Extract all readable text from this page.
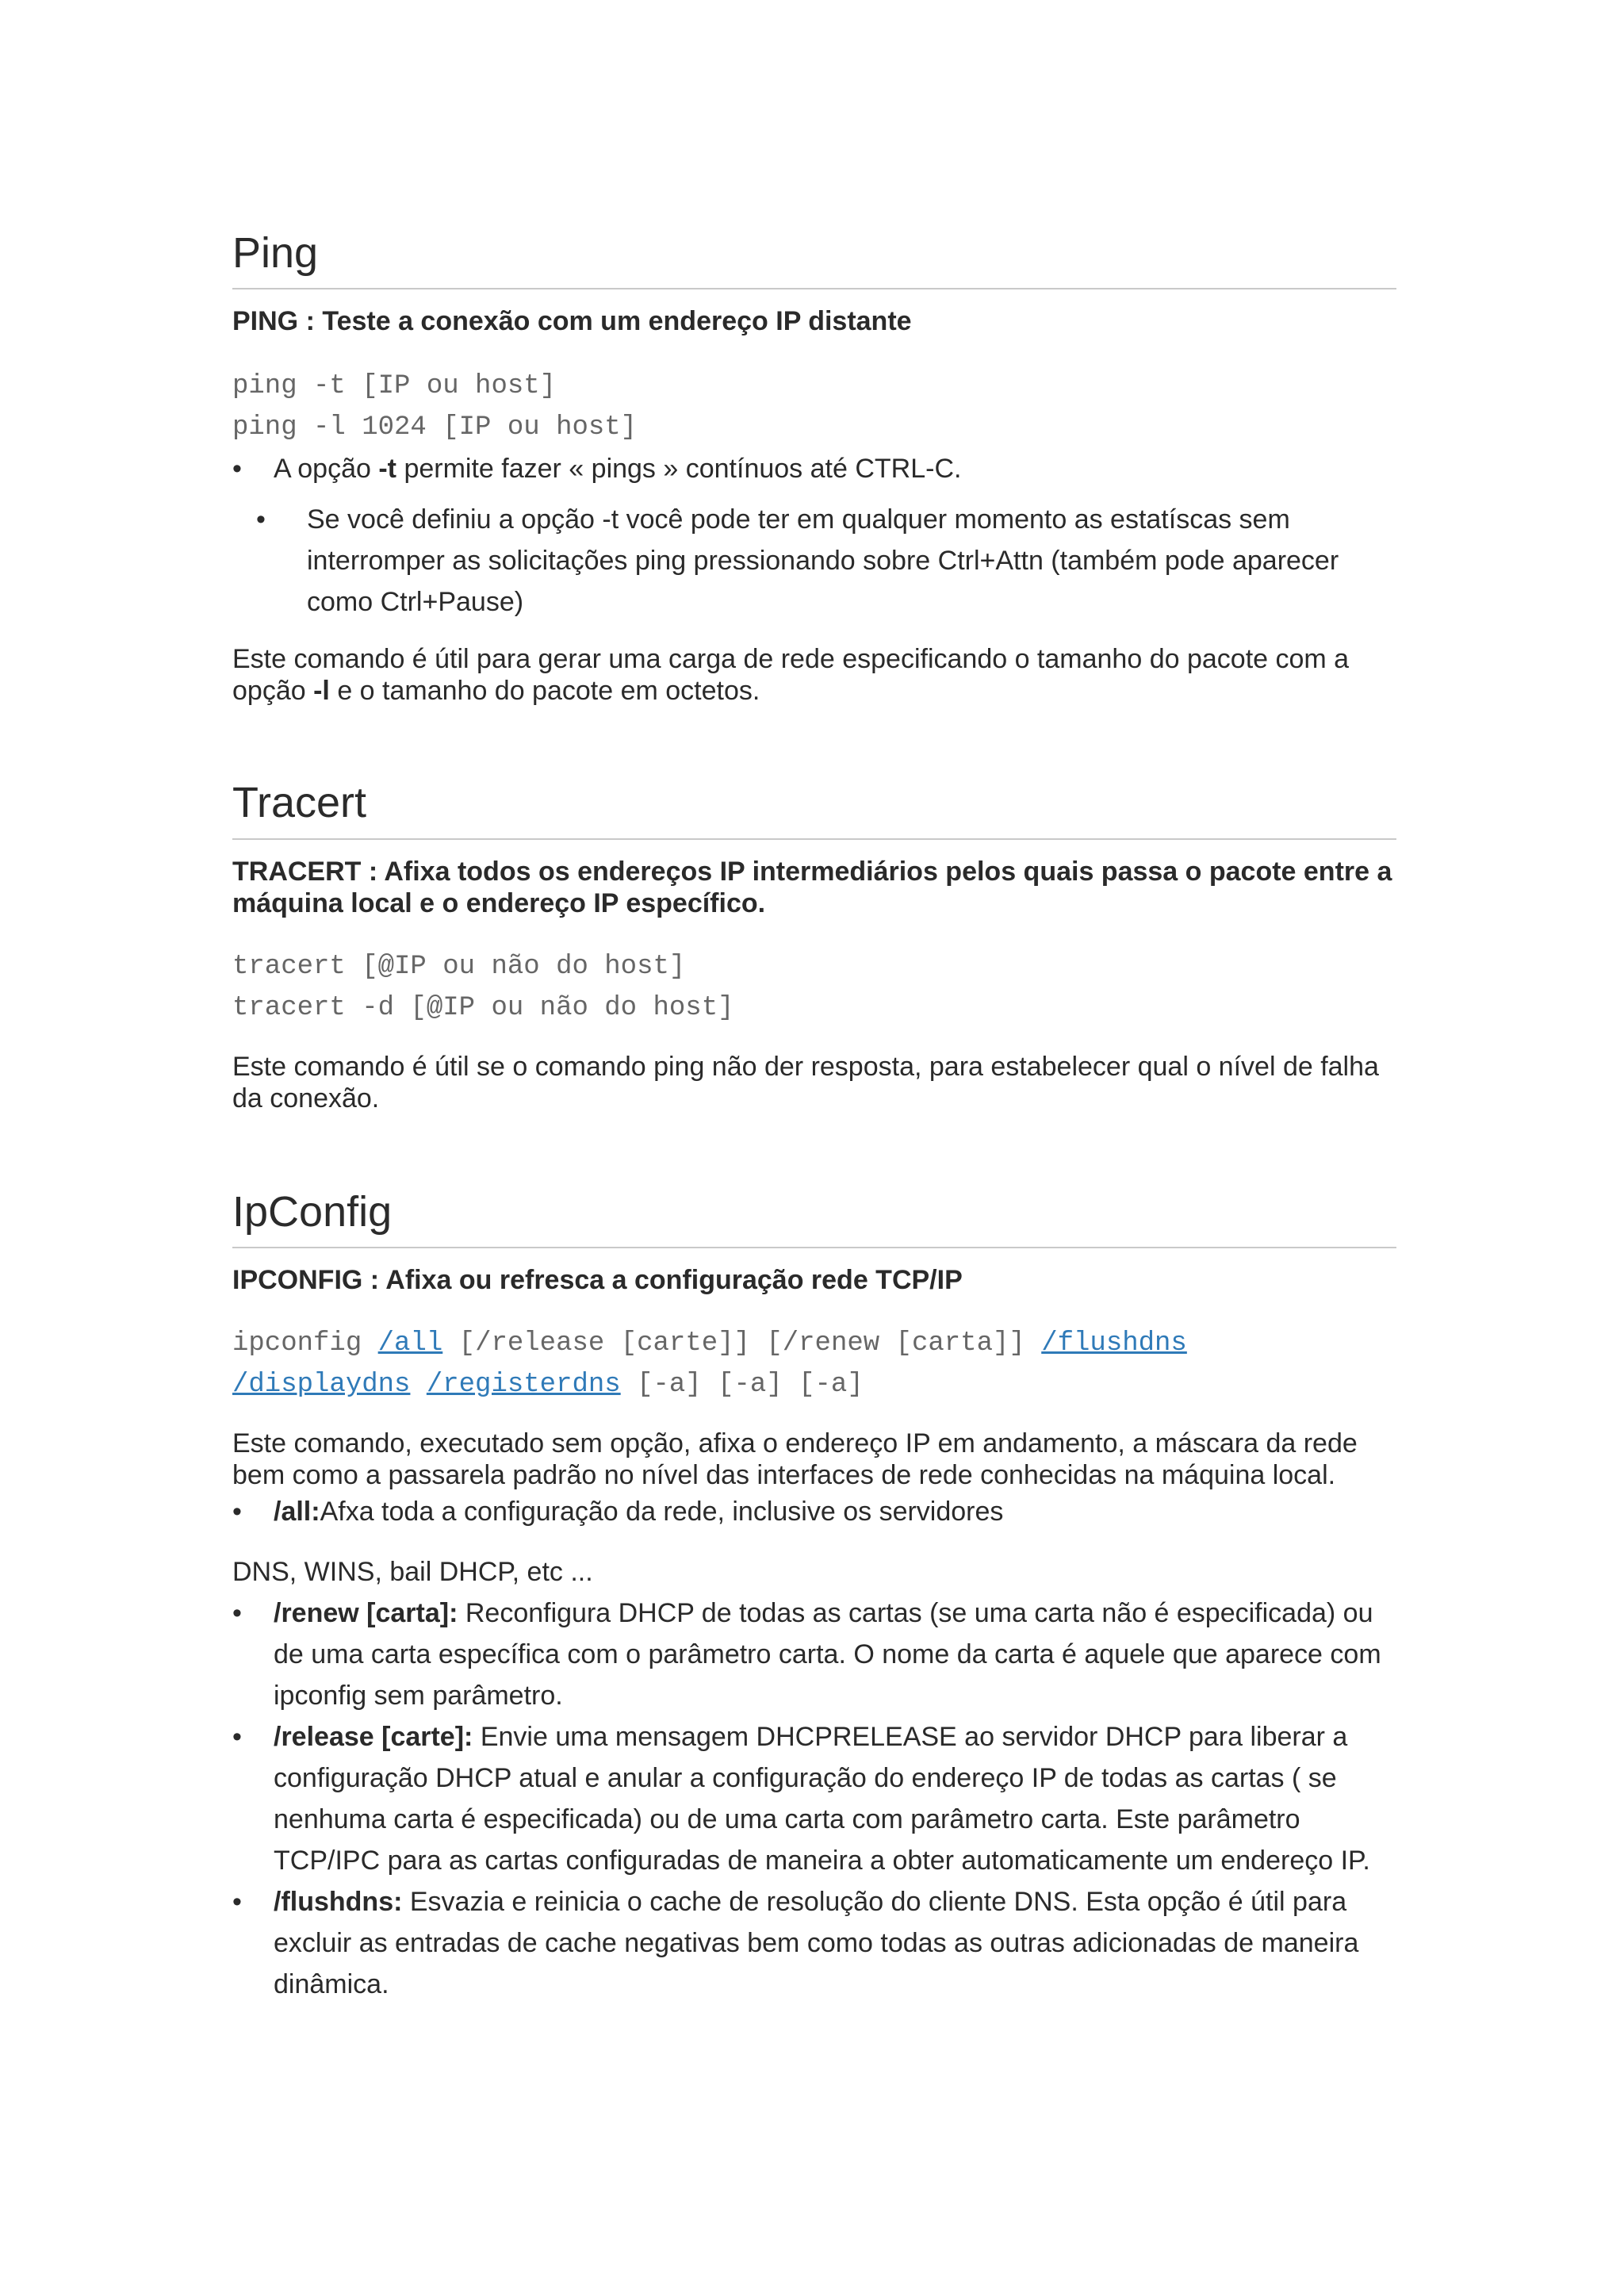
Ping
PING : Teste a conexão com um endereço IP distante
ping -t [IP ou host]
ping -l 1024 [IP ou host]
• A opção -t permite fazer « pings » contínuos até CTRL-C.
• Se você definiu a opção -t você pode ter em qualquer momento as estatíscas sem interromper as solicitações ping pressionando sobre Ctrl+Attn (também pode aparecer como Ctrl+Pause)
Este comando é útil para gerar uma carga de rede especificando o tamanho do pacote com a opção -l e o tamanho do pacote em octetos.
Tracert
TRACERT : Afixa todos os endereços IP intermediários pelos quais passa o pacote entre a máquina local e o endereço IP específico.
tracert [@IP ou não do host]
tracert -d [@IP ou não do host]
Este comando é útil se o comando ping não der resposta, para estabelecer qual o nível de falha da conexão.
IpConfig
IPCONFIG : Afixa ou refresca a configuração rede TCP/IP
ipconfig /all [/release [carte]] [/renew [carta]] /flushdns
/displaydns /registerdns [-a] [-a] [-a]
Este comando, executado sem opção, afixa o endereço IP em andamento, a máscara da rede bem como a passarela padrão no nível das interfaces de rede conhecidas na máquina local.
• /all:Afxa toda a configuração da rede, inclusive os servidores
DNS, WINS, bail DHCP, etc ...
• /renew [carta]: Reconfigura DHCP de todas as cartas (se uma carta não é especificada) ou de uma carta específica com o parâmetro carta. O nome da carta é aquele que aparece com ipconfig sem parâmetro.
• /release [carte]: Envie uma mensagem DHCPRELEASE ao servidor DHCP para liberar a configuração DHCP atual e anular a configuração do endereço IP de todas as cartas ( se nenhuma carta é especificada) ou de uma carta com parâmetro carta. Este parâmetro TCP/IPC para as cartas configuradas de maneira a obter automaticamente um endereço IP.
• /flushdns: Esvazia e reinicia o cache de resolução do cliente DNS. Esta opção é útil para excluir as entradas de cache negativas bem como todas as outras adicionadas de maneira dinâmica.
